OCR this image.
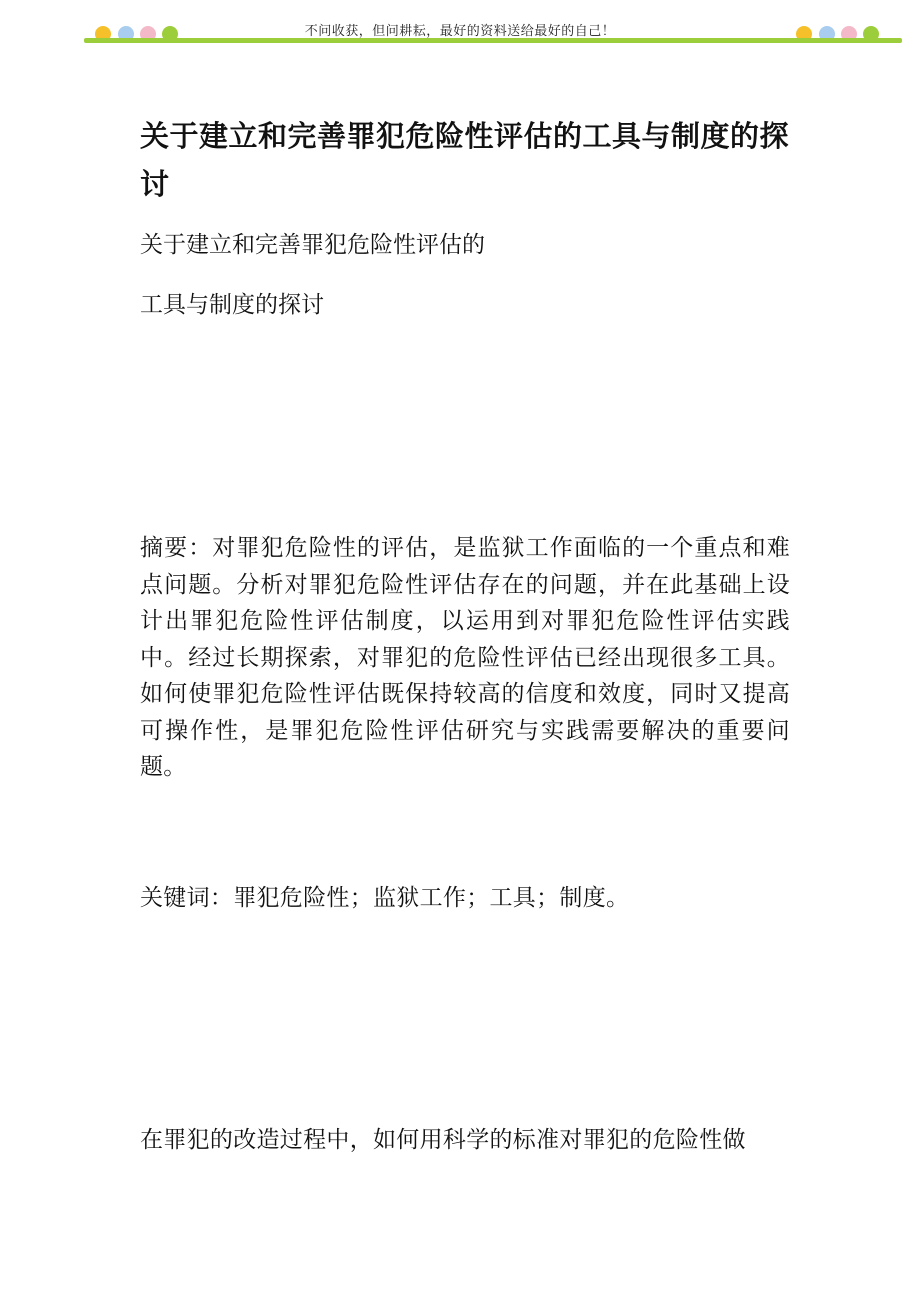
不问收获，但问耕耘，最好的资料送给最好的自己！
关于建立和完善罪犯危险性评估的工具与制度的探讨

关于建立和完善罪犯危险性评估的

工具与制度的探讨

摘要：对罪犯危险性的评估，是监狱工作面临的一个重点和难点问题。分析对罪犯危险性评估存在的问题，并在此基础上设计出罪犯危险性评估制度，以运用到对罪犯危险性评估实践中。经过长期探索，对罪犯的危险性评估已经出现很多工具。如何使罪犯危险性评估既保持较高的信度和效度，同时又提高可操作性，是罪犯危险性评估研究与实践需要解决的重要问题。

关键词：罪犯危险性；监狱工作；工具；制度。

在罪犯的改造过程中，如何用科学的标准对罪犯的危险性做
